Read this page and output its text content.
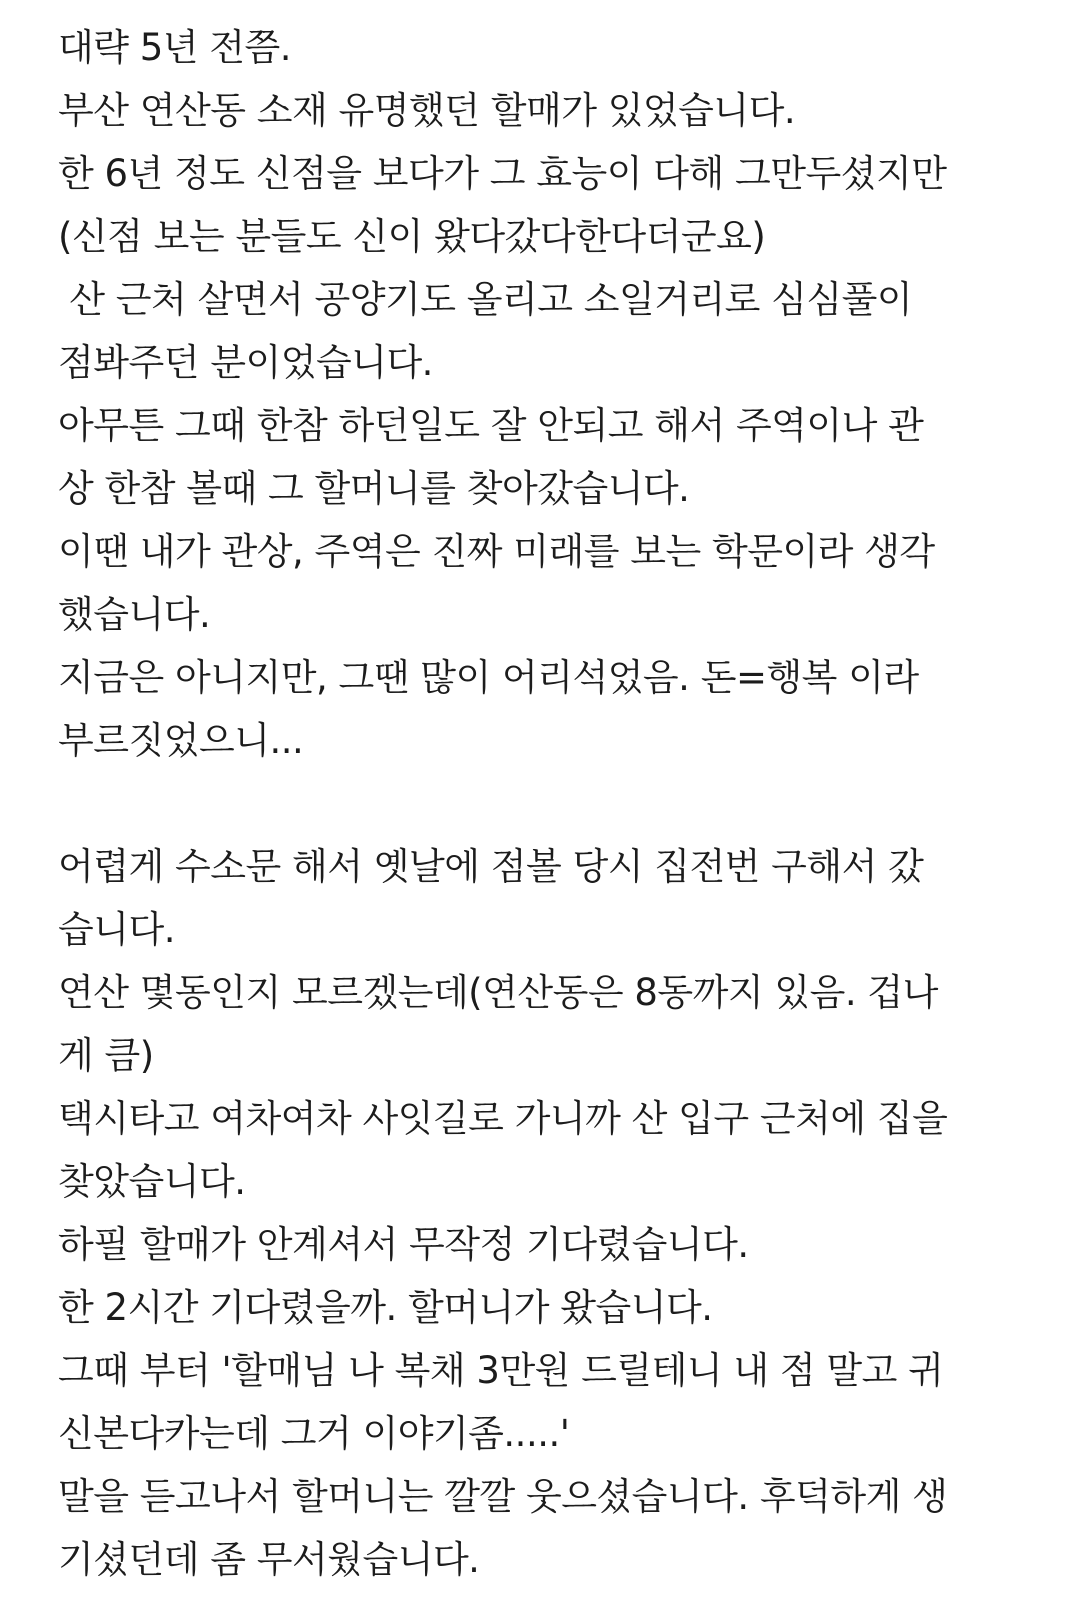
대략 5년 전쯤.
부산 연산동 소재 유명했던 할매가 있었습니다.
한 6년 정도 신점을 보다가 그 효능이 다해 그만두셨지만
(신점 보는 분들도 신이 왔다갔다한다더군요)
산 근처 살면서 공양기도 올리고 소일거리로 심심풀이
점봐주던 분이었습니다.
아무튼 그때 한참 하던일도 잘 안되고 해서 주역이나 관
상 한참 볼때 그 할머니를 찾아갔습니다.
이땐 내가 관상, 주역은 진짜 미래를 보는 학문이라 생각
했습니다.
지금은 아니지만, 그땐 많이 어리석었음. 돈=행복 이라
부르짓었으니...
어렵게 수소문 해서 옛날에 점볼 당시 집전번 구해서 갔
습니다.
연산 몇동인지 모르겠는데(연산동은 8동까지 있음. 겁나
게 큼)
택시타고 여차여차 사잇길로 가니까 산 입구 근처에 집을
찾았습니다.
하필 할매가 안계셔서 무작정 기다렸습니다.
한 2시간 기다렸을까. 할머니가 왔습니다.
그때 부터 '할매님 나 복채 3만원 드릴테니 내 점 말고 귀
신본다카는데 그거 이야기좀.....'
말을 듣고나서 할머니는 깔깔 웃으셨습니다. 후덕하게 생
기셨던데 좀 무서웠습니다.
